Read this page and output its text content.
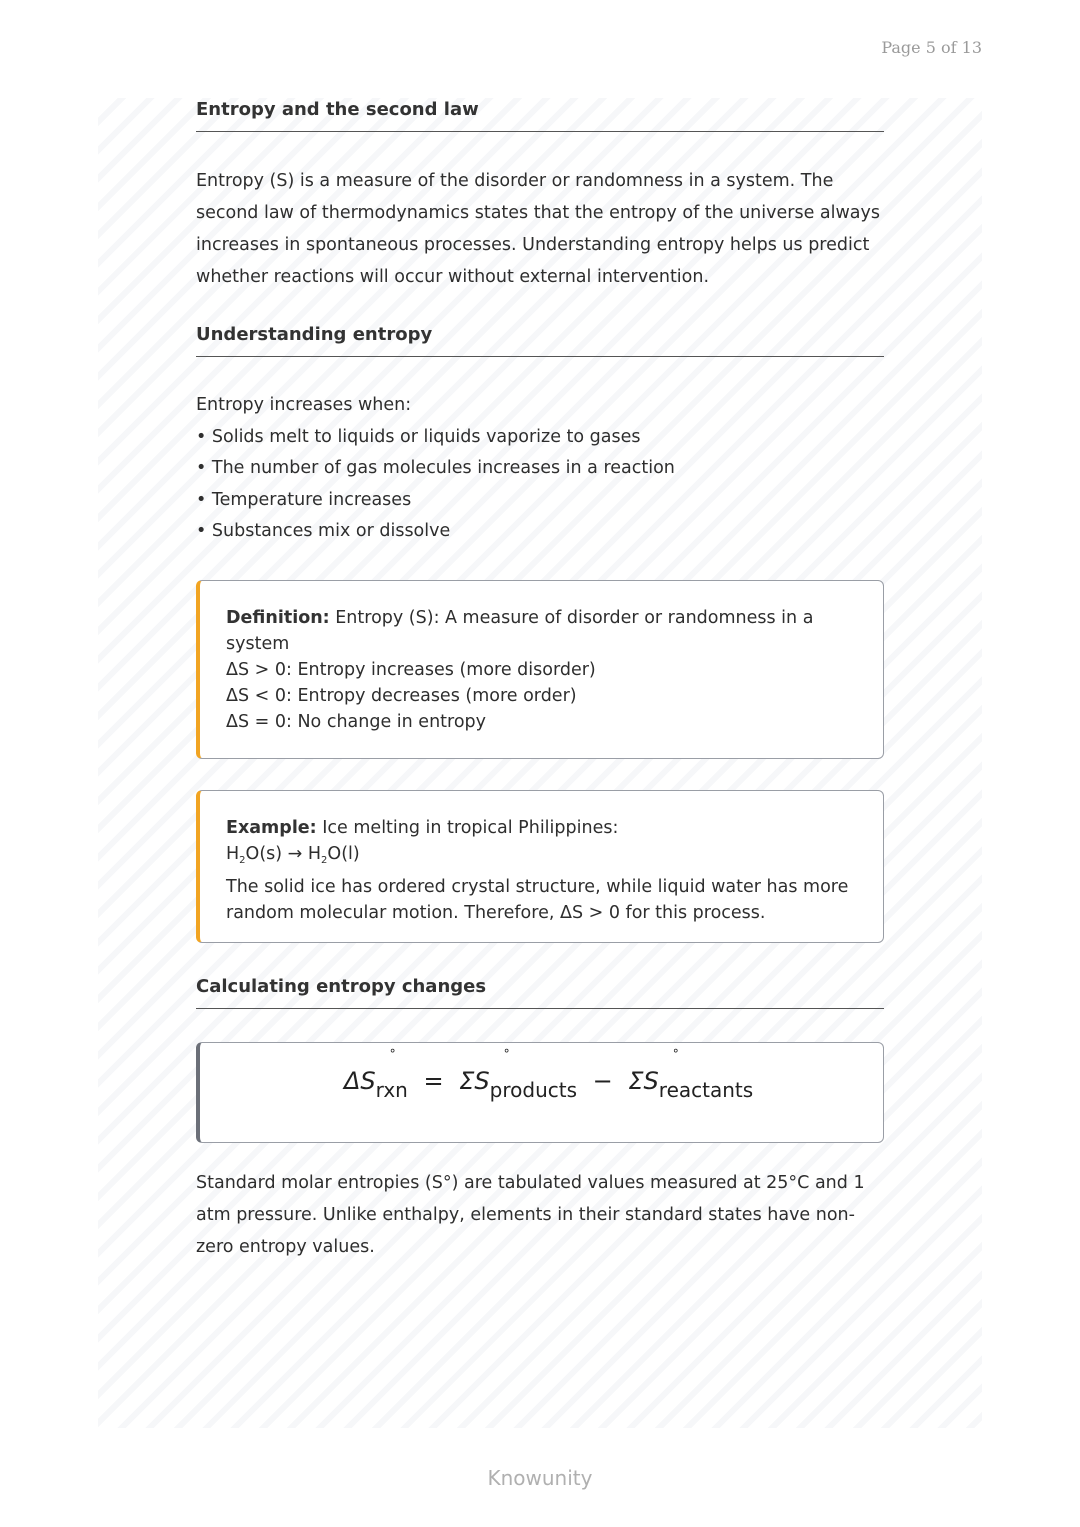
Page 5 of 13
Entropy and the second law
Entropy (S) is a measure of the disorder or randomness in a system. The second law of thermodynamics states that the entropy of the universe always increases in spontaneous processes. Understanding entropy helps us predict whether reactions will occur without external intervention.
Understanding entropy

Entropy increases when:

• Solids melt to liquids or liquids vaporize to gases
• The number of gas molecules increases in a reaction
• Temperature increases
• Substances mix or dissolve
Definition: Entropy (S): A measure of disorder or randomness in a system
ΔS > 0: Entropy increases (more disorder)
ΔS < 0: Entropy decreases (more order)
ΔS = 0: No change in entropy
Example: Ice melting in tropical Philippines:
$H_2O(s) \to H_2O(l)$
The solid ice has ordered crystal structure, while liquid water has more random molecular motion. Therefore, ΔS > 0 for this process.
Calculating entropy changes
ΔS
°
$_{rxn}$ = ΣS
°
$_{products}$ − ΣS
°
$_{reactants}$
Standard molar entropies (S°) are tabulated values measured at 25°C and 1 atm pressure. Unlike enthalpy, elements in their standard states have non-zero entropy values.
Knowunity
